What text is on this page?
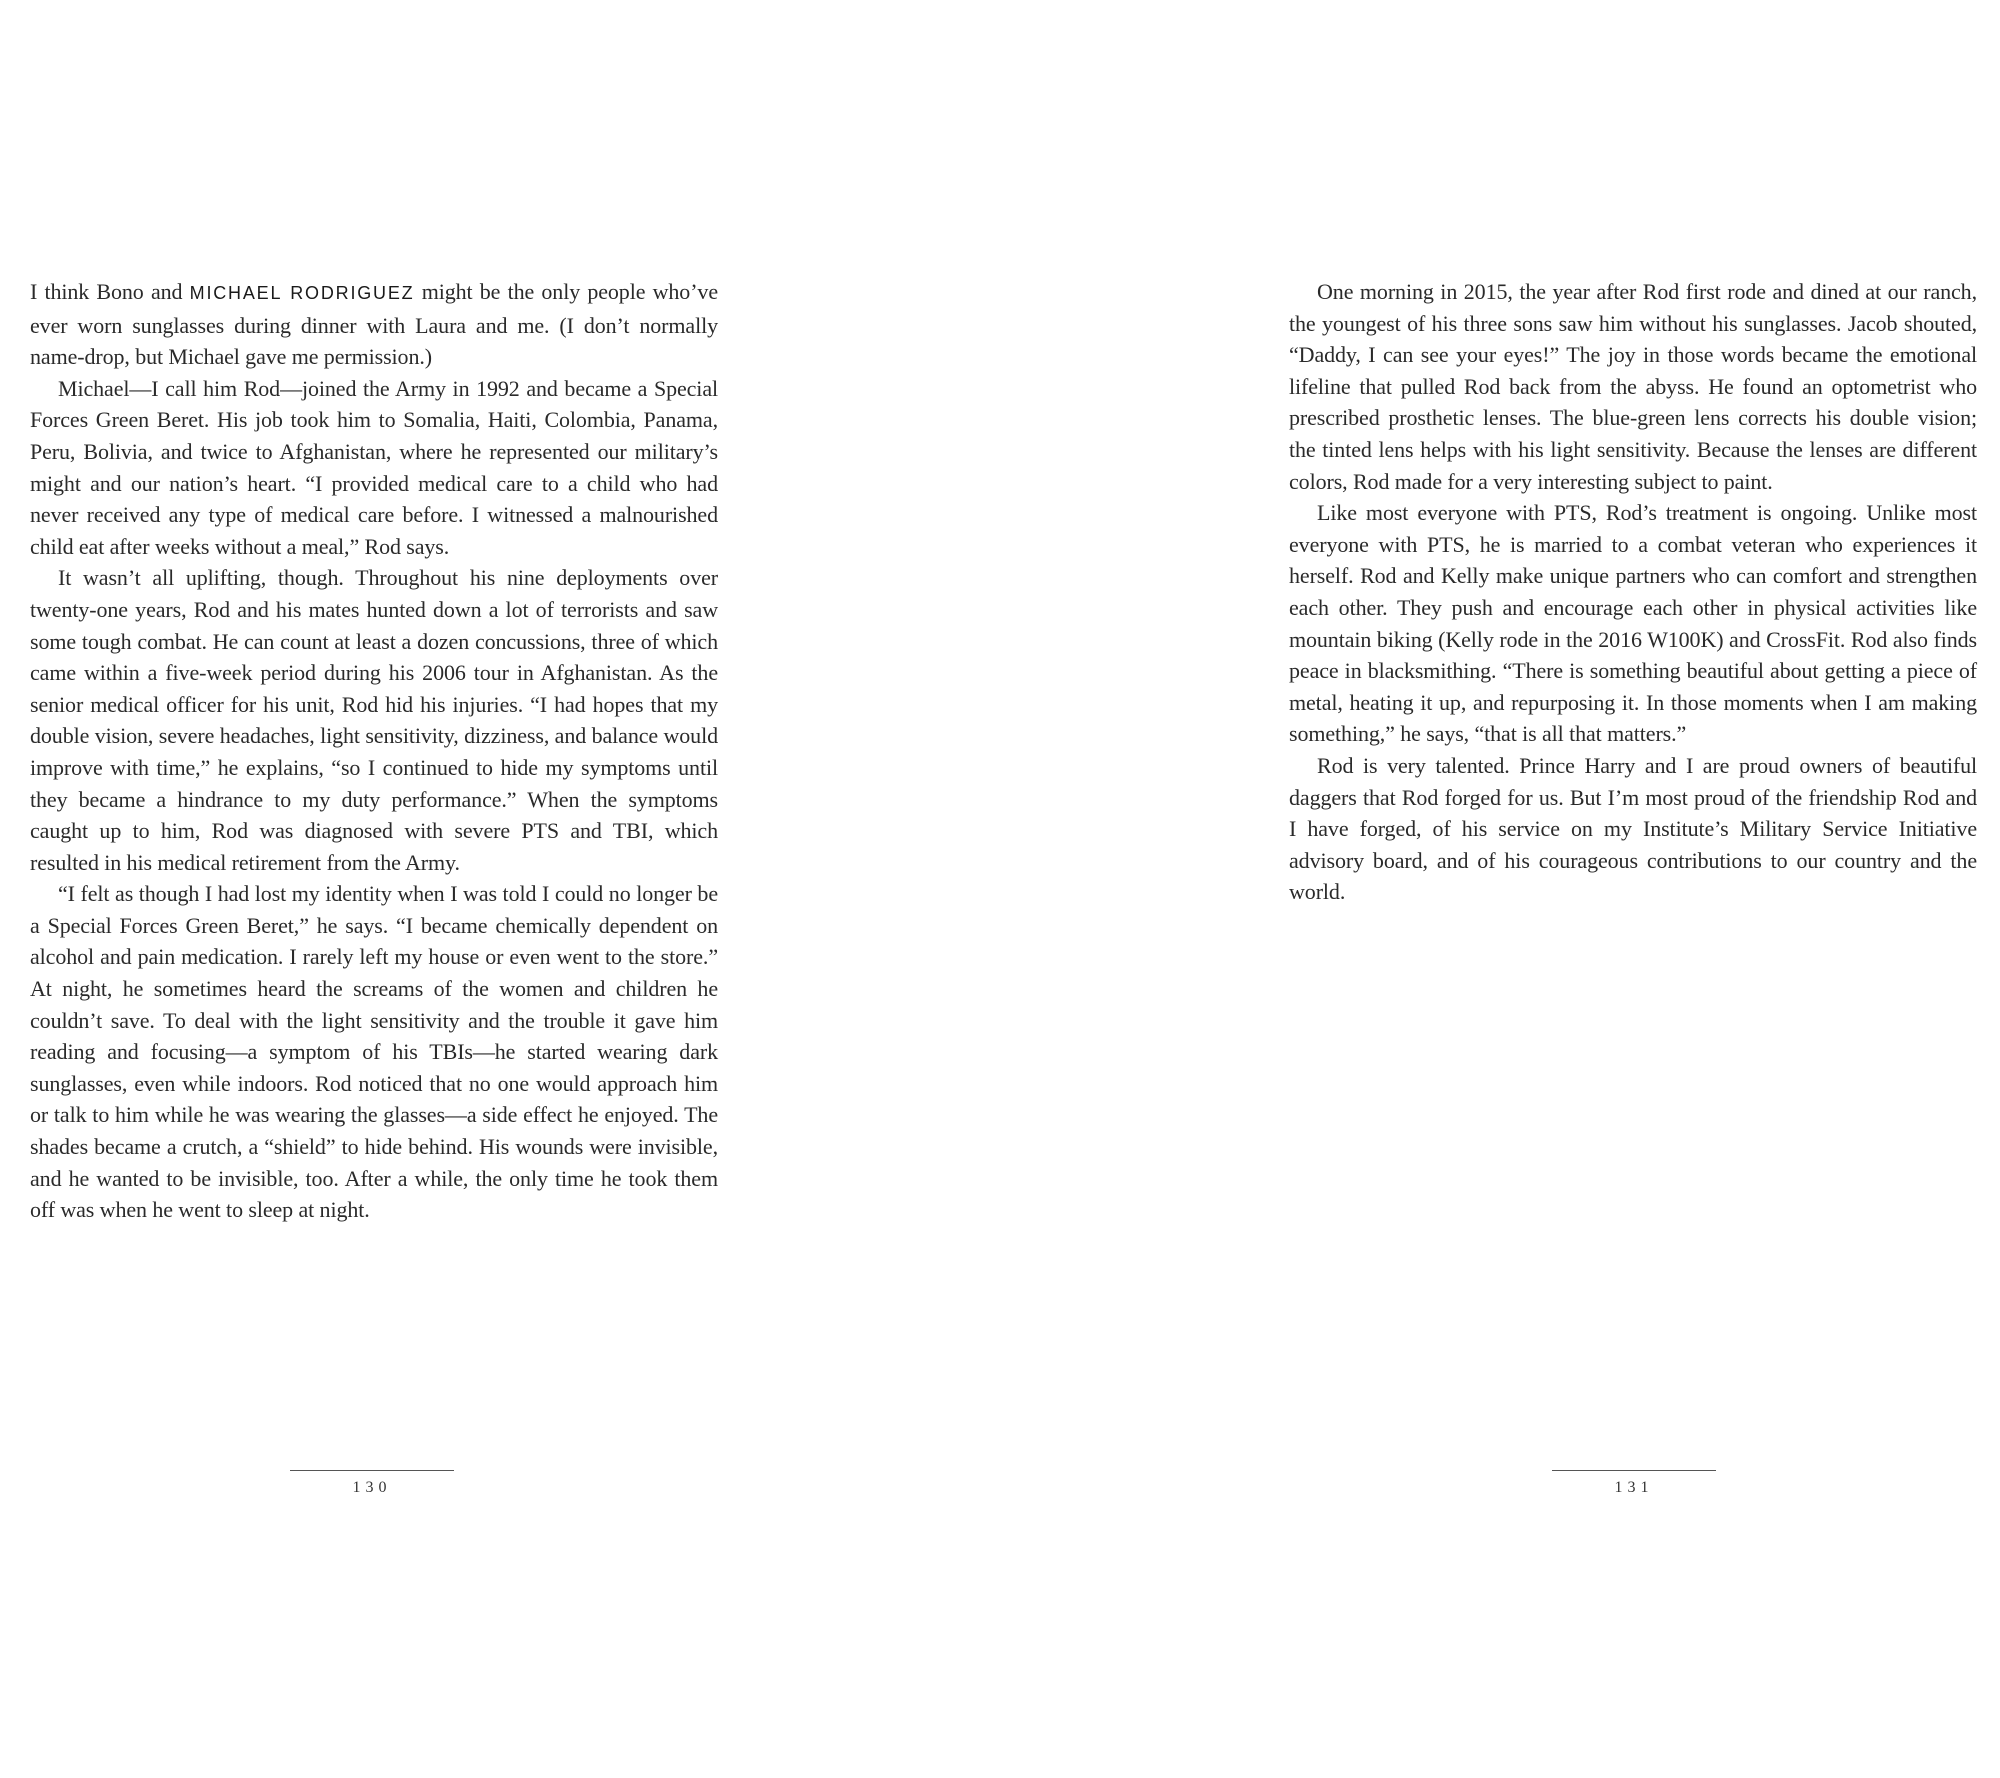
I think Bono and MICHAEL RODRIGUEZ might be the only people who’ve ever worn sunglasses during dinner with Laura and me. (I don’t normally name-drop, but Michael gave me permission.)

Michael—I call him Rod—joined the Army in 1992 and became a Special Forces Green Beret. His job took him to Somalia, Haiti, Colombia, Panama, Peru, Bolivia, and twice to Afghanistan, where he represented our military’s might and our nation’s heart. “I provided medical care to a child who had never received any type of medical care before. I witnessed a malnourished child eat after weeks without a meal,” Rod says.

It wasn’t all uplifting, though. Throughout his nine deployments over twenty-one years, Rod and his mates hunted down a lot of terrorists and saw some tough combat. He can count at least a dozen concussions, three of which came within a five-week period during his 2006 tour in Afghanistan. As the senior medical officer for his unit, Rod hid his injuries. “I had hopes that my double vision, severe headaches, light sensitivity, dizziness, and balance would improve with time,” he explains, “so I continued to hide my symptoms until they became a hindrance to my duty performance.” When the symptoms caught up to him, Rod was diagnosed with severe PTS and TBI, which resulted in his medical retirement from the Army.

“I felt as though I had lost my identity when I was told I could no longer be a Special Forces Green Beret,” he says. “I became chemically dependent on alcohol and pain medication. I rarely left my house or even went to the store.” At night, he sometimes heard the screams of the women and children he couldn’t save. To deal with the light sensitivity and the trouble it gave him reading and focusing—a symptom of his TBIs—he started wearing dark sunglasses, even while indoors. Rod noticed that no one would approach him or talk to him while he was wearing the glasses—a side effect he enjoyed. The shades became a crutch, a “shield” to hide behind. His wounds were invisible, and he wanted to be invisible, too. After a while, the only time he took them off was when he went to sleep at night.

130

One morning in 2015, the year after Rod first rode and dined at our ranch, the youngest of his three sons saw him without his sunglasses. Jacob shouted, “Daddy, I can see your eyes!” The joy in those words became the emotional lifeline that pulled Rod back from the abyss. He found an optometrist who prescribed prosthetic lenses. The blue-green lens corrects his double vision; the tinted lens helps with his light sensitivity. Because the lenses are different colors, Rod made for a very interesting subject to paint.

Like most everyone with PTS, Rod’s treatment is ongoing. Unlike most everyone with PTS, he is married to a combat veteran who experiences it herself. Rod and Kelly make unique partners who can comfort and strengthen each other. They push and encourage each other in physical activities like mountain biking (Kelly rode in the 2016 W100K) and CrossFit. Rod also finds peace in blacksmithing. “There is something beautiful about getting a piece of metal, heating it up, and repurposing it. In those moments when I am making something,” he says, “that is all that matters.”

Rod is very talented. Prince Harry and I are proud owners of beautiful daggers that Rod forged for us. But I’m most proud of the friendship Rod and I have forged, of his service on my Institute’s Military Service Initiative advisory board, and of his courageous contributions to our country and the world.

131
